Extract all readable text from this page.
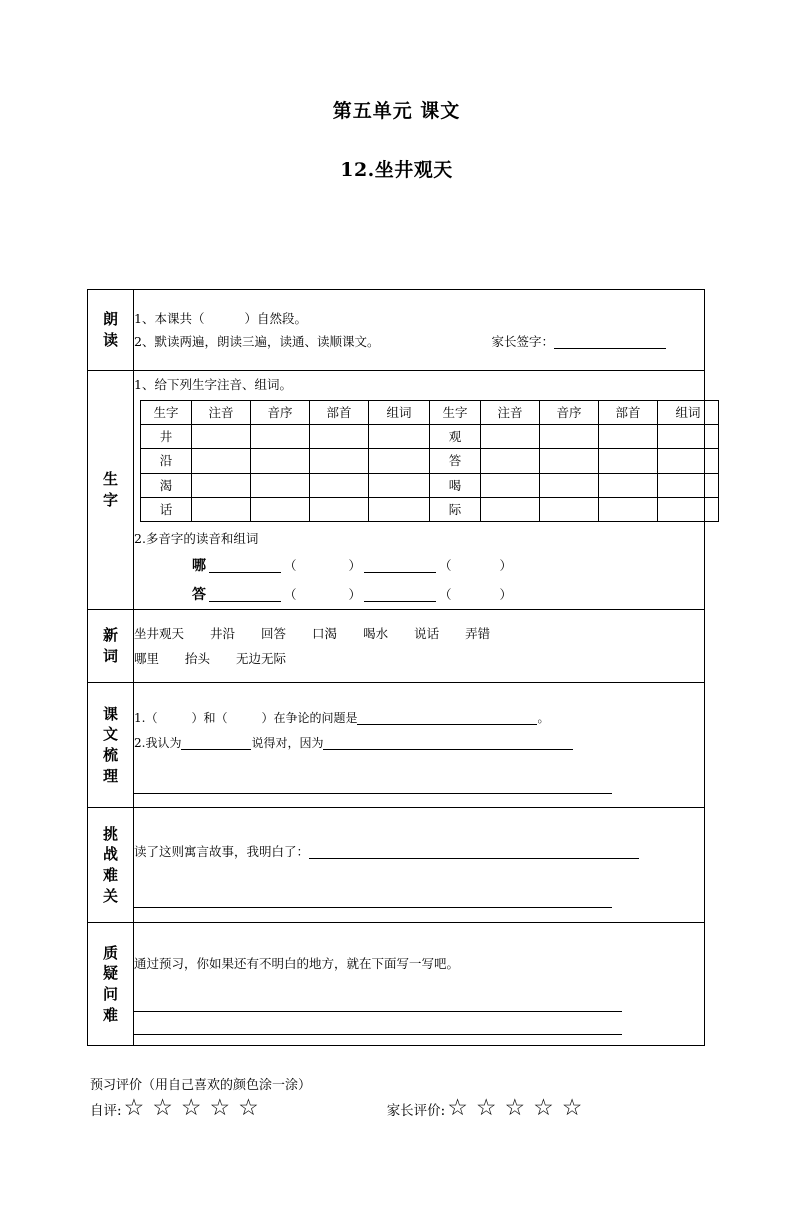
第五单元 课文
12.坐井观天
朗
读

1、本课共（	）自然段。
2、默读两遍，朗读三遍，读通、读顺课文。	家长签字：

生
字

1、给下列生字注音、组词。
生字	注音	音序	部首	组词	生字	注音	音序	部首	组词
井					观				
沿					答				
渴					喝				
话					际				
2.多音字的读音和组词
哪	（	）	（	）
答	（	）	（	）

新
词

坐井观天 井沿 回答 口渴 喝水 说话 弄错
哪里 抬头 无边无际

课
文
梳
理

1.（	）和（	）在争论的问题是	。
2.我认为	说得对，因为

挑
战
难
关

读了这则寓言故事，我明白了：

质
疑
问
难

通过预习，你如果还有不明白的地方，就在下面写一写吧。
预习评价（用自己喜欢的颜色涂一涂）
自评: ☆ ☆ ☆ ☆ ☆	家长评价: ☆ ☆ ☆ ☆ ☆
